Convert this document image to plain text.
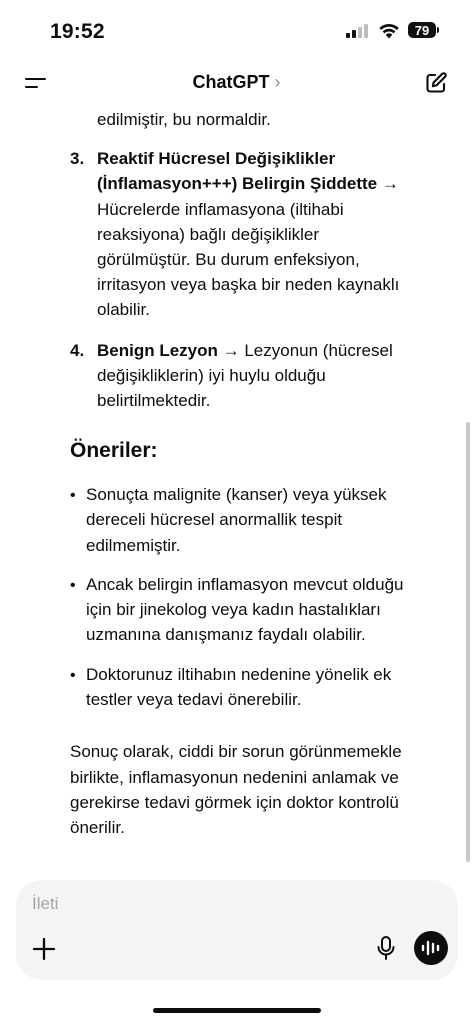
edilmiştir, bu normaldir.
3. Reaktif Hücresel Değişiklikler
(İnflamasyon+++) Belirgin Şiddette →
Hücrelerde inflamasyona (iltihabi
reaksiyona) bağlı değişiklikler
görülmüştür. Bu durum enfeksiyon,
irritasyon veya başka bir neden kaynaklı
olabilir.
4. Benign Lezyon → Lezyonun (hücresel
değişikliklerin) iyi huylu olduğu
belirtilmektedir.
Öneriler:
• Sonuçta malignite (kanser) veya yüksek
dereceli hücresel anormallik tespit
edilmemiştir.
• Ancak belirgin inflamasyon mevcut olduğu
için bir jinekolog veya kadın hastalıkları
uzmanına danışmanız faydalı olabilir.
• Doktorunuz iltihabın nedenine yönelik ek
testler veya tedavi önerebilir.
Sonuç olarak, ciddi bir sorun görünmemekle
birlikte, inflamasyonun nedenini anlamak ve
gerekirse tedavi görmek için doktor kontrolü
önerilir.
19:52	79
ChatGPT ›
İleti
